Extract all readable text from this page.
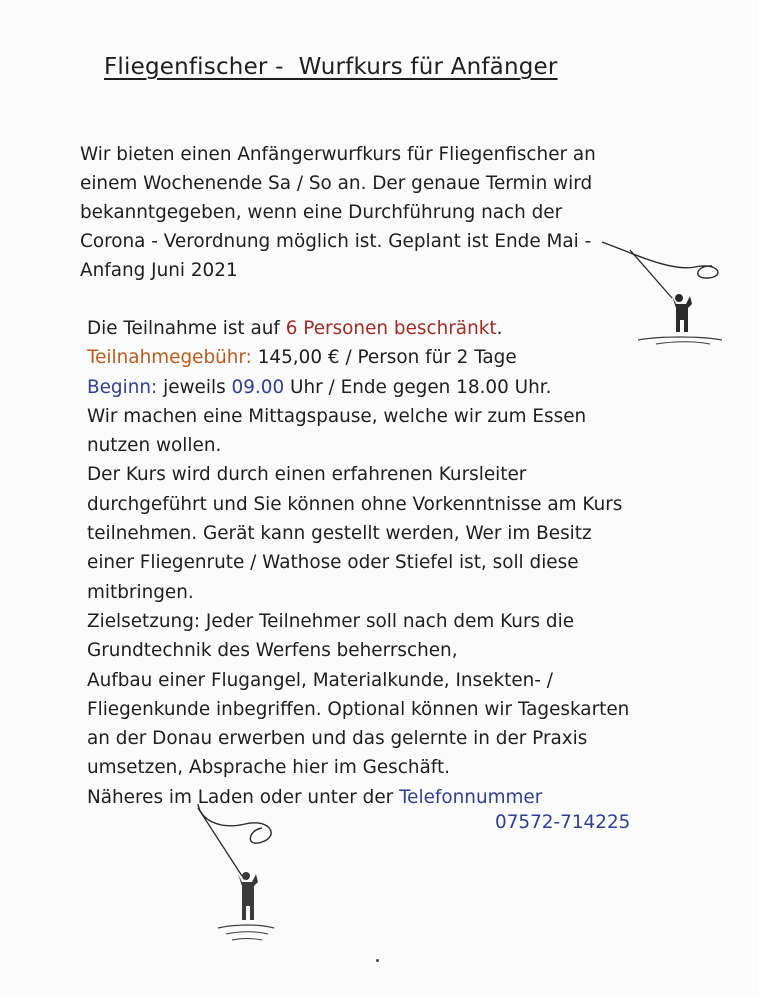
Fliegenfischer -  Wurfkurs für Anfänger
Wir bieten einen Anfängerwurfkurs für Fliegenfischer an
einem Wochenende Sa / So an. Der genaue Termin wird
bekanntgegeben, wenn eine Durchführung nach der
Corona - Verordnung möglich ist. Geplant ist Ende Mai -
Anfang Juni 2021
Die Teilnahme ist auf 6 Personen beschränkt.
Teilnahmegebühr: 145,00 € / Person für 2 Tage
Beginn: jeweils 09.00 Uhr / Ende gegen 18.00 Uhr.
Wir machen eine Mittagspause, welche wir zum Essen
nutzen wollen.
Der Kurs wird durch einen erfahrenen Kursleiter
durchgeführt und Sie können ohne Vorkenntnisse am Kurs
teilnehmen. Gerät kann gestellt werden, Wer im Besitz
einer Fliegenrute / Wathose oder Stiefel ist, soll diese
mitbringen.
Zielsetzung: Jeder Teilnehmer soll nach dem Kurs die
Grundtechnik des Werfens beherrschen,
Aufbau einer Flugangel, Materialkunde, Insekten- /
Fliegenkunde inbegriffen. Optional können wir Tageskarten
an der Donau erwerben und das gelernte in der Praxis
umsetzen, Absprache hier im Geschäft.
Näheres im Laden oder unter der Telefonnummer
07572-714225
